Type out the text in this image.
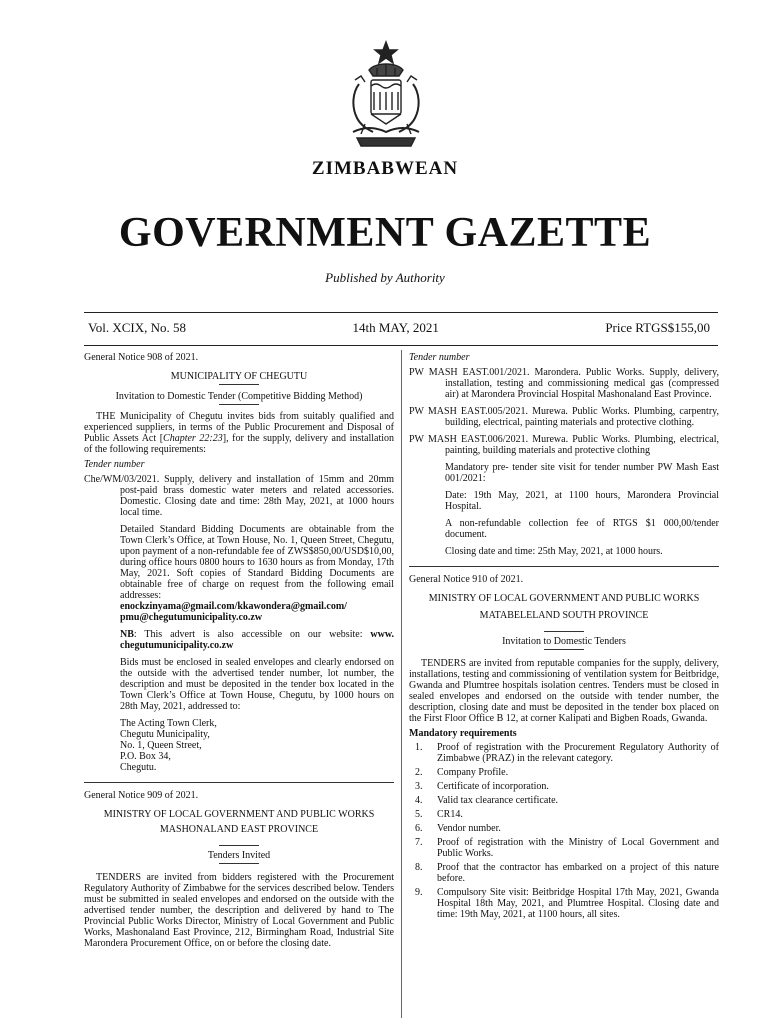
ZIMBABWEAN
GOVERNMENT GAZETTE
Published by Authority
Vol. XCIX, No. 58	14th MAY, 2021	Price RTGS$155,00

General Notice 908 of 2021.

MUNICIPALITY OF CHEGUTU

Invitation to Domestic Tender (Competitive Bidding Method)

THE Municipality of Chegutu invites bids from suitably qualified and experienced suppliers, in terms of the Public Procurement and Disposal of Public Assets Act [Chapter 22:23], for the supply, delivery and installation of the following requirements:

Tender number

Che/WM/03/2021. Supply, delivery and installation of 15mm and 20mm post-paid brass domestic water meters and related accessories. Domestic. Closing date and time: 28th May, 2021, at 1000 hours local time.

Detailed Standard Bidding Documents are obtainable from the Town Clerk’s Office, at Town House, No. 1, Queen Street, Chegutu, upon payment of a non-refundable fee of ZWS$850,00/USD$10,00, during office hours 0800 hours to 1630 hours as from Monday, 17th May, 2021. Soft copies of Standard Bidding Documents are obtainable free of charge on request from the following email addresses:

enockzinyama@gmail.com/kkawondera@gmail.com/ pmu@chegutumunicipality.co.zw

NB: This advert is also accessible on our website: www. chegutumunicipality.co.zw

Bids must be enclosed in sealed envelopes and clearly endorsed on the outside with the advertised tender number, lot number, the description and must be deposited in the tender box located in the Town Clerk’s Office at Town House, Chegutu, by 1000 hours on 28th May, 2021, addressed to:

The Acting Town Clerk,

Chegutu Municipality,

No. 1, Queen Street,

P.O. Box 34,

Chegutu.

General Notice 909 of 2021.

MINISTRY OF LOCAL GOVERNMENT AND PUBLIC WORKS

MASHONALAND EAST PROVINCE

Tenders Invited

TENDERS are invited from bidders registered with the Procurement Regulatory Authority of Zimbabwe for the services described below. Tenders must be submitted in sealed envelopes and endorsed on the outside with the advertised tender number, the description and delivered by hand to The Provincial Public Works Director, Ministry of Local Government and Public Works, Mashonaland East Province, 212, Birmingham Road, Industrial Site Marondera Procurement Office, on or before the closing date.

Tender number

PW MASH EAST.001/2021. Marondera. Public Works. Supply, delivery, installation, testing and commissioning medical gas (compressed air) at Marondera Provincial Hospital Mashonaland East Province.

PW MASH EAST.005/2021. Murewa. Public Works. Plumbing, carpentry, building, electrical, painting materials and protective clothing.

PW MASH EAST.006/2021. Murewa. Public Works. Plumbing, electrical, painting, building materials and protective clothing

Mandatory pre- tender site visit for tender number PW Mash East 001/2021:

Date: 19th May, 2021, at 1100 hours, Marondera Provincial Hospital.

A non-refundable collection fee of RTGS $1 000,00/tender document.

Closing date and time: 25th May, 2021, at 1000 hours.

General Notice 910 of 2021.

MINISTRY OF LOCAL GOVERNMENT AND PUBLIC WORKS

MATABELELAND SOUTH PROVINCE

Invitation to Domestic Tenders

TENDERS are invited from reputable companies for the supply, delivery, installations, testing and commissioning of ventilation system for Beitbridge, Gwanda and Plumtree hospitals isolation centres. Tenders must be closed in sealed envelopes and endorsed on the outside with tender number, the description, closing date and must be deposited in the tender box placed on the First Floor Office B 12, at corner Kalipati and Bigben Roads, Gwanda.

Mandatory requirements

1.	Proof of registration with the Procurement Regulatory Authority of Zimbabwe (PRAZ) in the relevant category.
2.	Company Profile.
3.	Certificate of incorporation.
4.	Valid tax clearance certificate.
5.	CR14.
6.	Vendor number.
7.	Proof of registration with the Ministry of Local Government and Public Works.
8.	Proof that the contractor has embarked on a project of this nature before.
9.	Compulsory Site visit: Beitbridge Hospital 17th May, 2021, Gwanda Hospital 18th May, 2021, and Plumtree Hospital. Closing date and time: 19th May, 2021, at 1100 hours, all sites.
